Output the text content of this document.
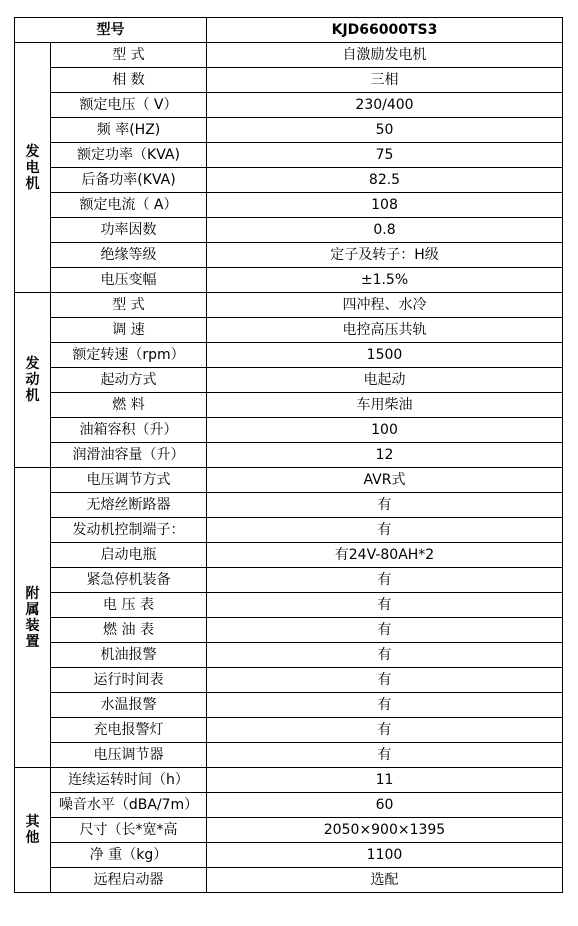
型号		KJD66000TS3
发电机	型 式	自激励发电机
	相 数	三相
	额定电压（ V）	230/400
	频 率(HZ)	50
	额定功率（KVA)	75
	后备功率(KVA)	82.5
	额定电流（ A）	108
	功率因数	0.8
	绝缘等级	定子及转子：H级
	电压变幅	±1.5%
发动机	型 式	四冲程、水冷
	调 速	电控高压共轨
	额定转速（rpm）	1500
	起动方式	电起动
	燃 料	车用柴油
	油箱容积（升）	100
	润滑油容量（升）	12
附属装置	电压调节方式	AVR式
	无熔丝断路器	有
	发动机控制端子：	有
	启动电瓶	有24V-80AH*2
	紧急停机装备	有
	电 压 表	有
	燃 油 表	有
	机油报警	有
	运行时间表	有
	水温报警	有
	充电报警灯	有
	电压调节器	有
其他	连续运转时间（h）	11
	噪音水平（dBA/7m）	60
	尺寸（长*宽*高	2050×900×1395
	净 重（kg）	1100
	远程启动器	选配
